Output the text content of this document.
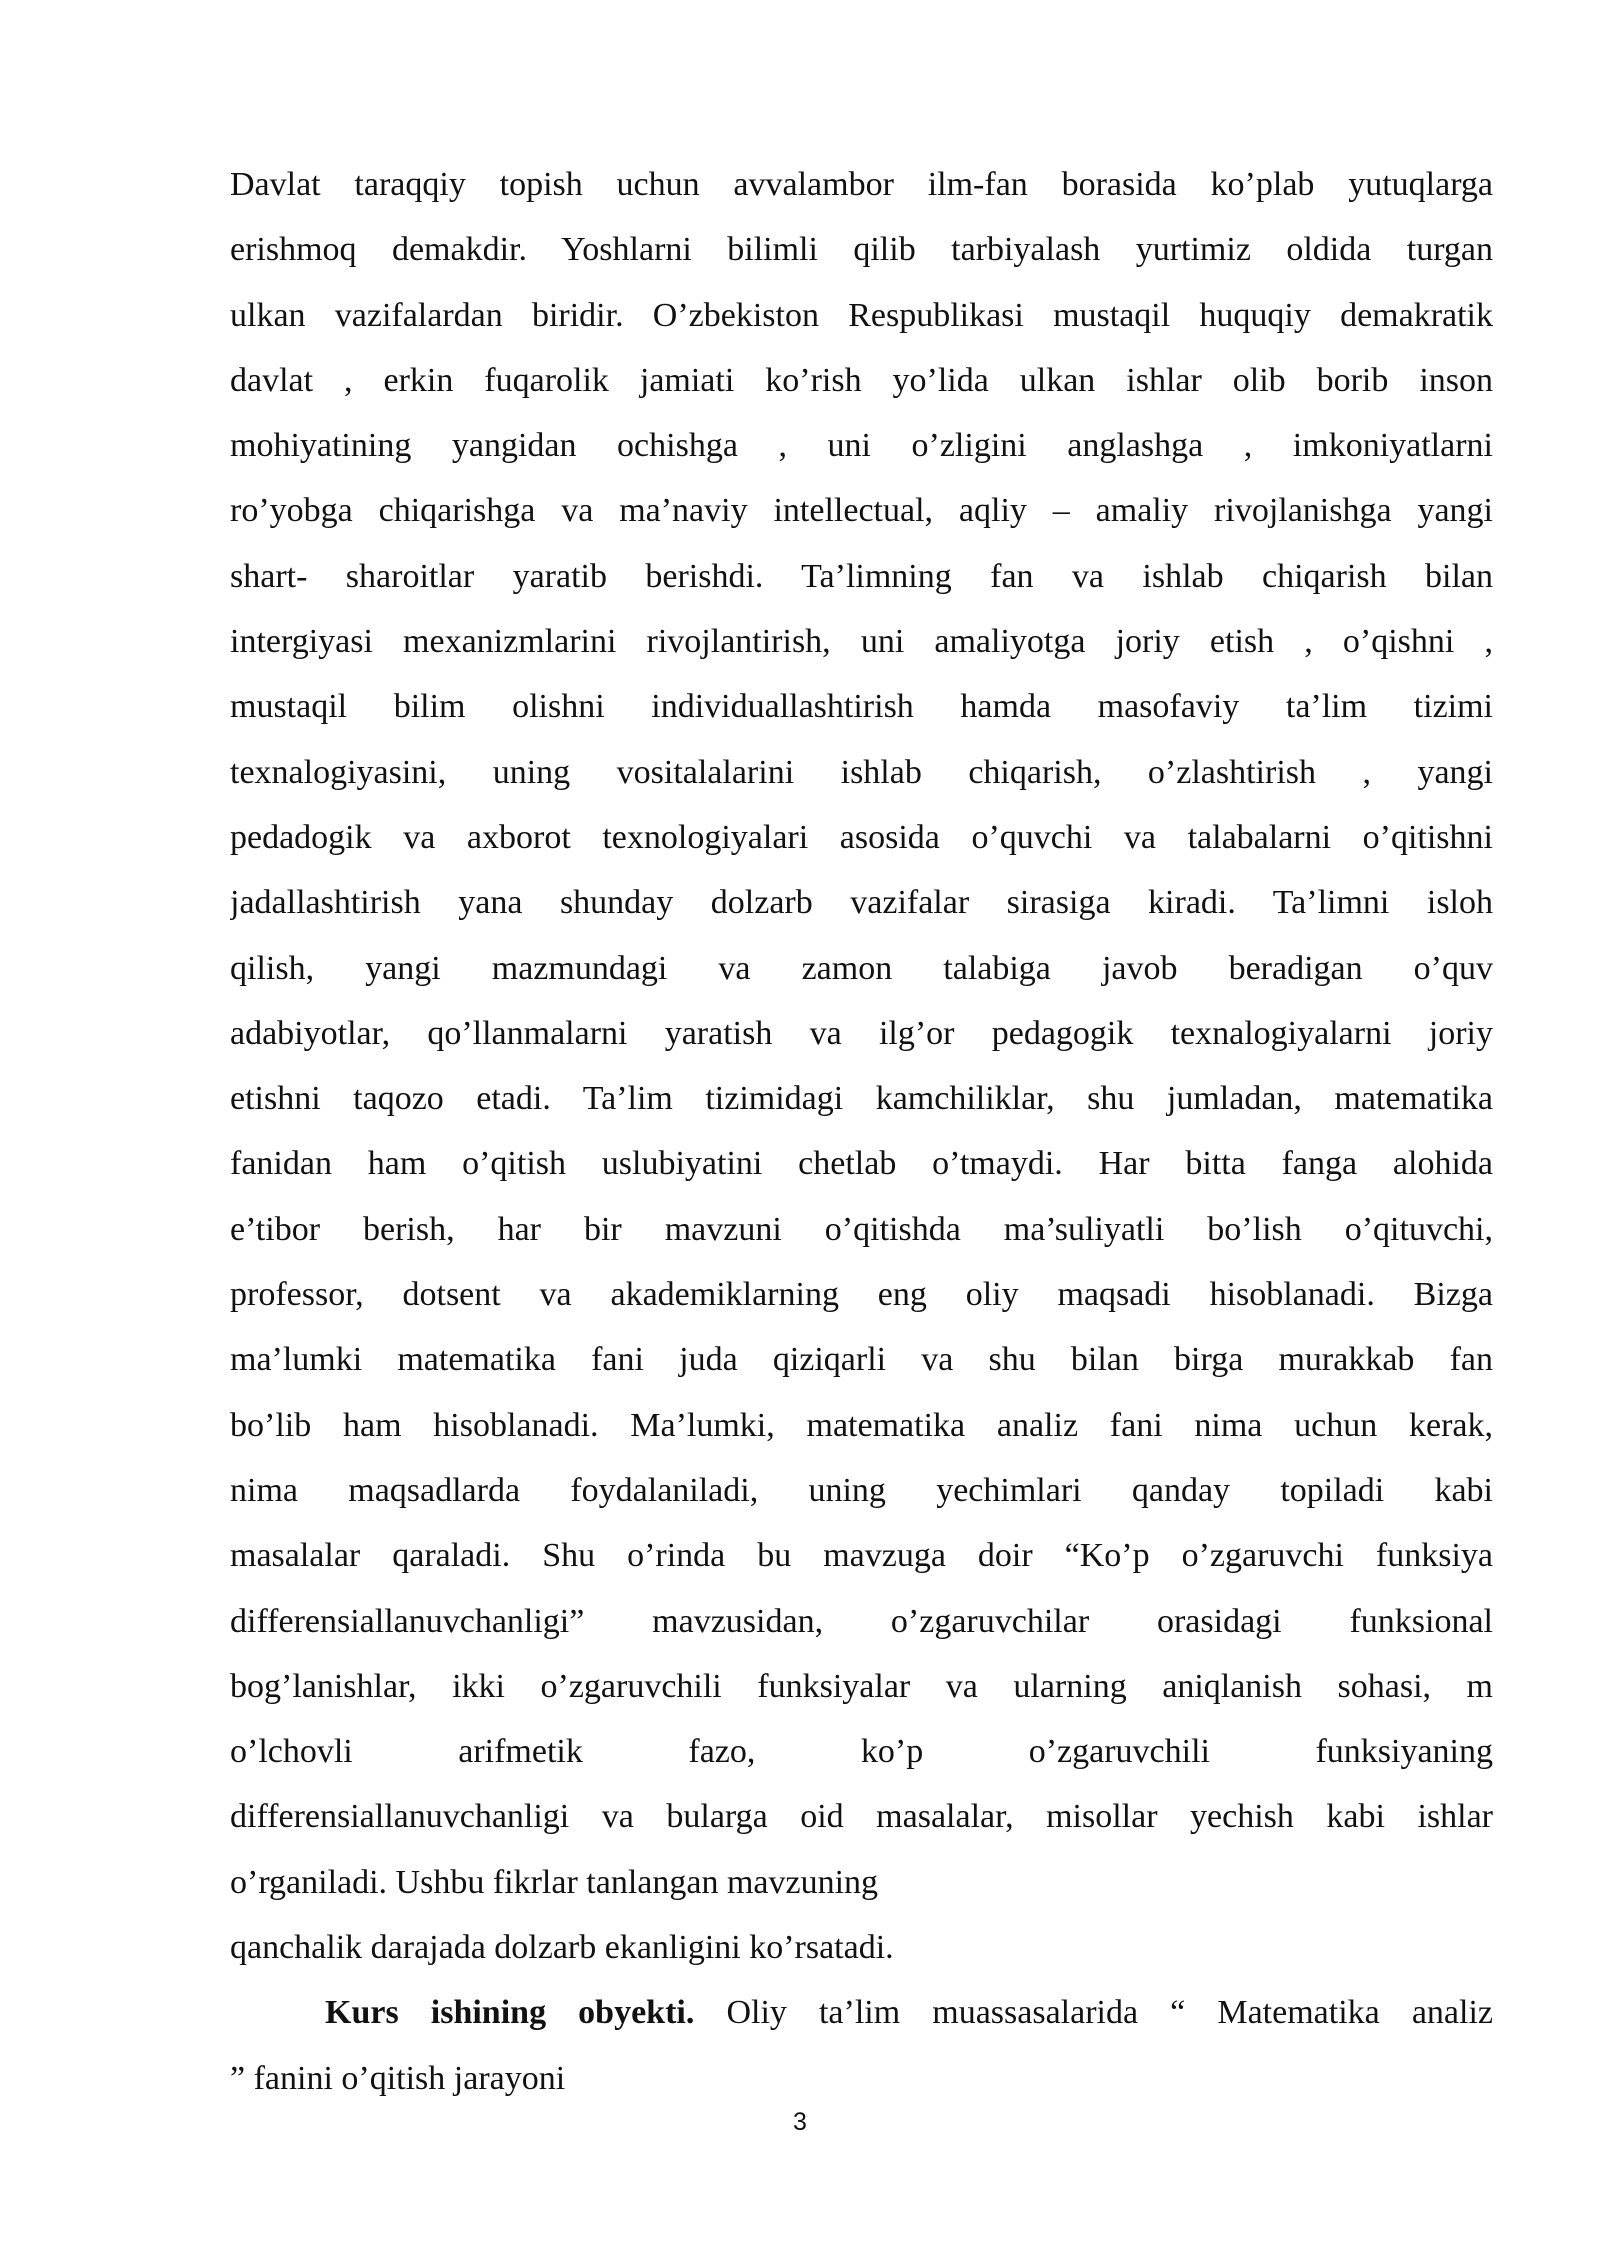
Davlat taraqqiy topish uchun avvalambor ilm-fan borasida ko’plab yutuqlarga
erishmoq demakdir. Yoshlarni bilimli qilib tarbiyalash yurtimiz oldida turgan
ulkan vazifalardan biridir. O’zbekiston Respublikasi mustaqil huquqiy demakratik
davlat , erkin fuqarolik jamiati ko’rish yo’lida ulkan ishlar olib borib inson
mohiyatining yangidan ochishga , uni o’zligini anglashga , imkoniyatlarni
ro’yobga chiqarishga va ma’naviy intellectual, aqliy – amaliy rivojlanishga yangi
shart- sharoitlar yaratib berishdi. Ta’limning fan va ishlab chiqarish bilan
intergiyasi mexanizmlarini rivojlantirish, uni amaliyotga joriy etish , o’qishni ,
mustaqil bilim olishni individuallashtirish hamda masofaviy ta’lim tizimi
texnalogiyasini, uning vositalalarini ishlab chiqarish, o’zlashtirish , yangi
pedadogik va axborot texnologiyalari asosida o’quvchi va talabalarni o’qitishni
jadallashtirish yana shunday dolzarb vazifalar sirasiga kiradi. Ta’limni isloh
qilish, yangi mazmundagi va zamon talabiga javob beradigan o’quv
adabiyotlar, qo’llanmalarni yaratish va ilg’or pedagogik texnalogiyalarni joriy
etishni taqozo etadi. Ta’lim tizimidagi kamchiliklar, shu jumladan, matematika
fanidan ham o’qitish uslubiyatini chetlab o’tmaydi. Har bitta fanga alohida
e’tibor berish, har bir mavzuni o’qitishda ma’suliyatli bo’lish o’qituvchi,
professor, dotsent va akademiklarning eng oliy maqsadi hisoblanadi. Bizga
ma’lumki matematika fani juda qiziqarli va shu bilan birga murakkab fan
bo’lib ham hisoblanadi. Ma’lumki, matematika analiz fani nima uchun kerak,
nima maqsadlarda foydalaniladi, uning yechimlari qanday topiladi kabi
masalalar qaraladi. Shu o’rinda bu mavzuga doir “Ko’p o’zgaruvchi funksiya
differensiallanuvchanligi” mavzusidan, o’zgaruvchilar orasidagi funksional
bog’lanishlar, ikki o’zgaruvchili funksiyalar va ularning aniqlanish sohasi, m
o’lchovli arifmetik fazo, ko’p o’zgaruvchili funksiyaning
differensiallanuvchanligi va bularga oid masalalar, misollar yechish kabi ishlar
o’rganiladi. Ushbu fikrlar tanlangan mavzuning
qanchalik darajada dolzarb ekanligini ko’rsatadi.
Kurs ishining obyekti. Oliy ta’lim muassasalarida “ Matematika analiz
” fanini o’qitish jarayoni
3
